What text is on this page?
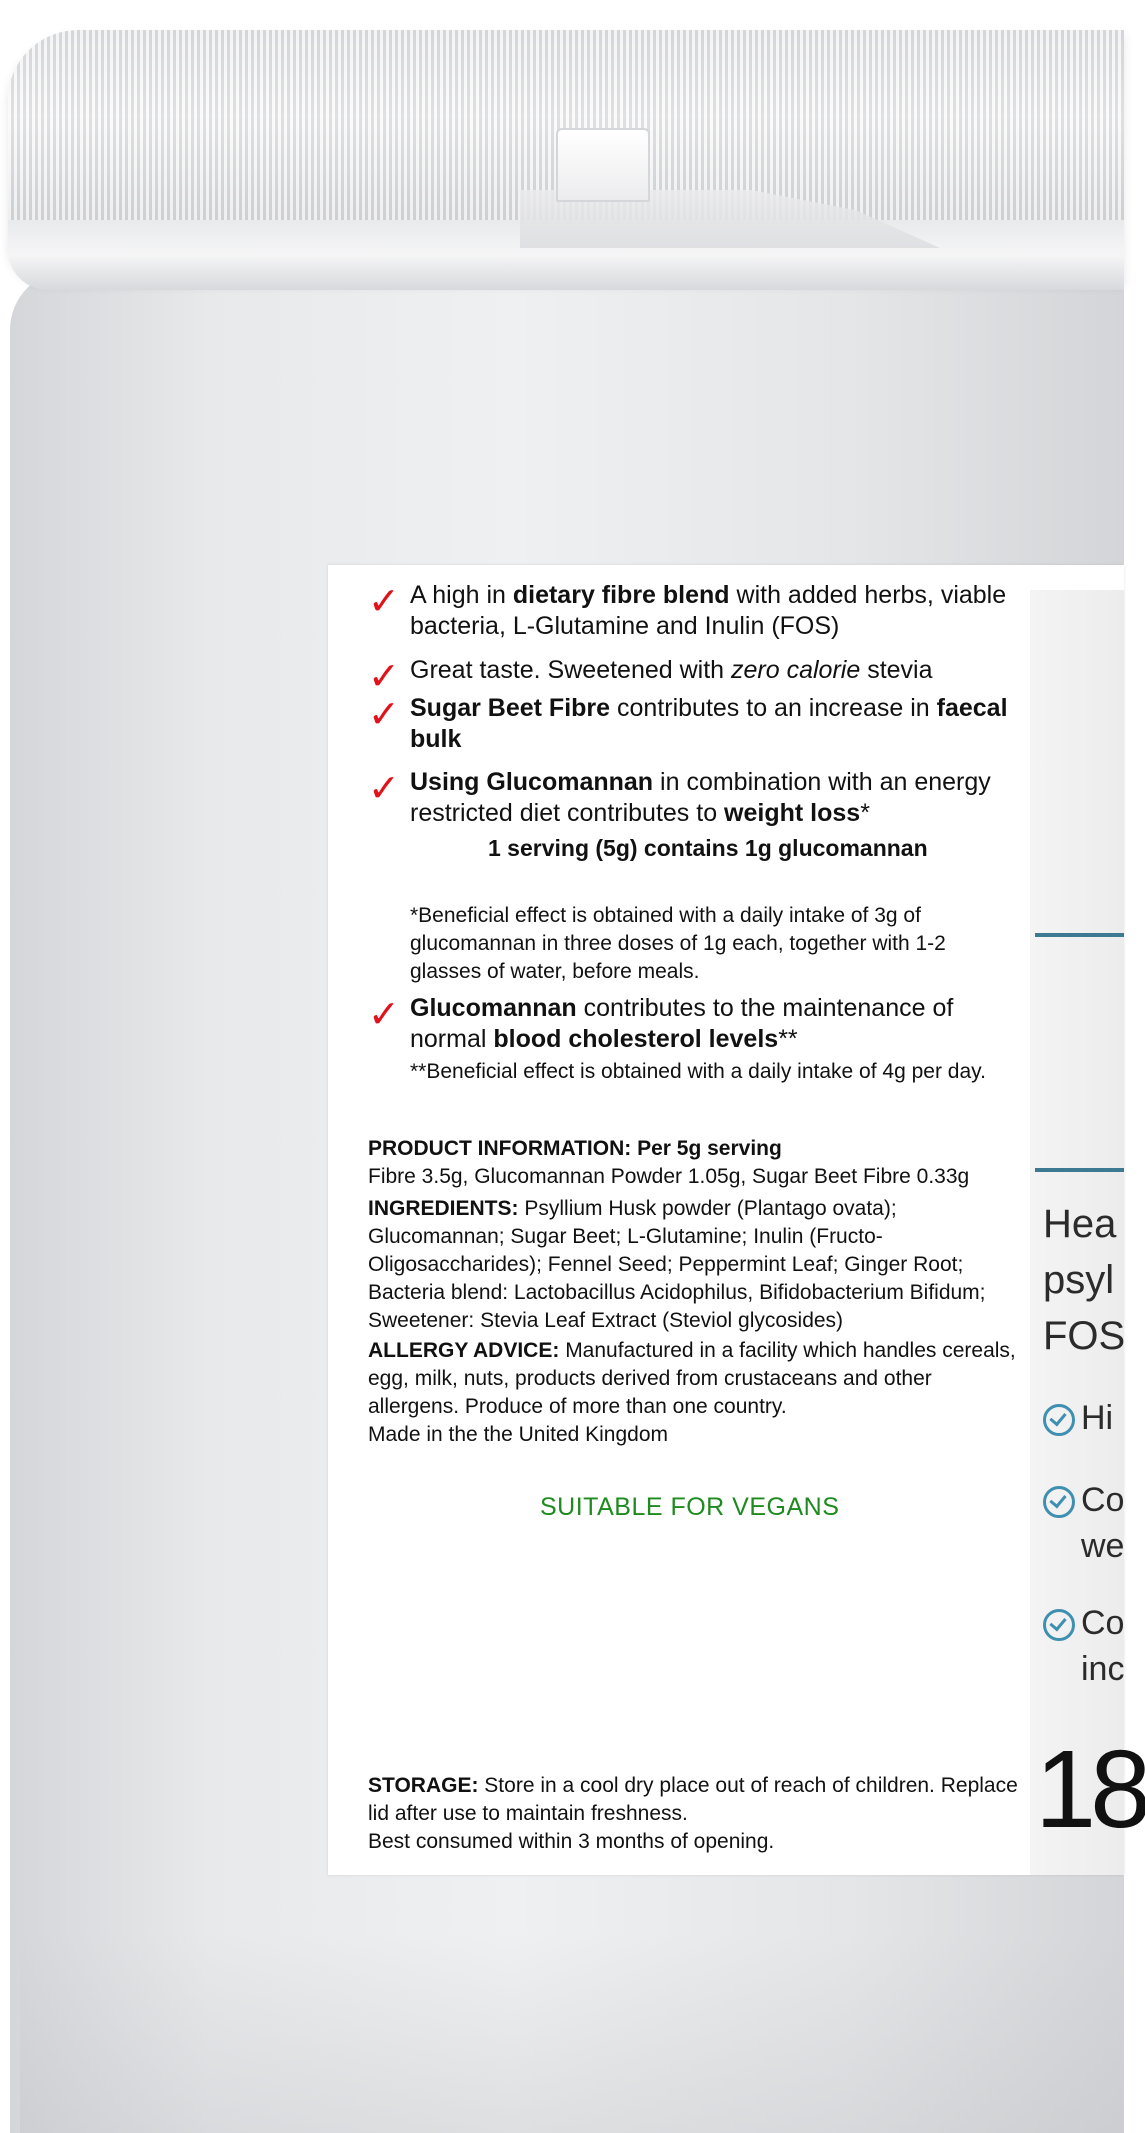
Hea
psyl
FOS
Hi
Co
we
Co
inc
18
✓ A high in dietary fibre blend with added herbs, viable bacteria, L-Glutamine and Inulin (FOS)
✓ Great taste. Sweetened with zero calorie stevia
✓ Sugar Beet Fibre contributes to an increase in faecal bulk
✓ Using Glucomannan in combination with an energy restricted diet contributes to weight loss*
1 serving (5g) contains 1g glucomannan
*Beneficial effect is obtained with a daily intake of 3g of glucomannan in three doses of 1g each, together with 1-2 glasses of water, before meals.
✓ Glucomannan contributes to the maintenance of normal blood cholesterol levels**
**Beneficial effect is obtained with a daily intake of 4g per day.
PRODUCT INFORMATION: Per 5g serving
Fibre 3.5g, Glucomannan Powder 1.05g, Sugar Beet Fibre 0.33g
INGREDIENTS: Psyllium Husk powder (Plantago ovata); Glucomannan; Sugar Beet; L-Glutamine; Inulin (Fructo-Oligosaccharides); Fennel Seed; Peppermint Leaf; Ginger Root; Bacteria blend: Lactobacillus Acidophilus, Bifidobacterium Bifidum; Sweetener: Stevia Leaf Extract (Steviol glycosides)
ALLERGY ADVICE: Manufactured in a facility which handles cereals, egg, milk, nuts, products derived from crustaceans and other allergens. Produce of more than one country.
Made in the the United Kingdom
SUITABLE FOR VEGANS
STORAGE: Store in a cool dry place out of reach of children. Replace lid after use to maintain freshness.
Best consumed within 3 months of opening.
